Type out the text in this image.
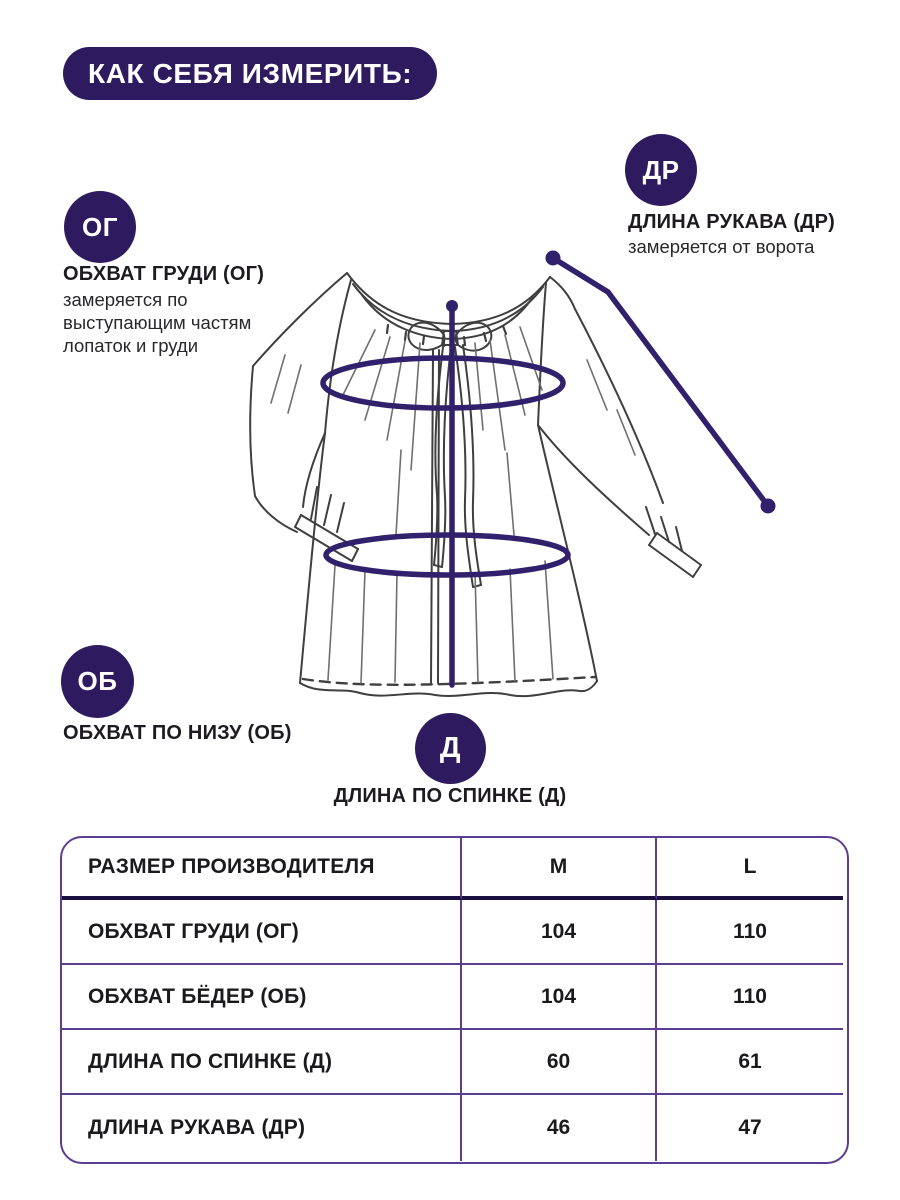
КАК СЕБЯ ИЗМЕРИТЬ:
ОГ
ДР
ОБ
Д
ОБХВАТ ГРУДИ (ОГ)
замеряется по
выступающим частям
лопаток и груди
ДЛИНА РУКАВА (ДР)
замеряется от ворота
ОБХВАТ ПО НИЗУ (ОБ)
ДЛИНА ПО СПИНКЕ (Д)
РАЗМЕР ПРОИЗВОДИТЕЛЯ	M	L
ОБХВАТ ГРУДИ (ОГ)	104	110
ОБХВАТ БЁДЕР (ОБ)	104	110
ДЛИНА ПО СПИНКЕ (Д)	60	61
ДЛИНА РУКАВА (ДР)	46	47
